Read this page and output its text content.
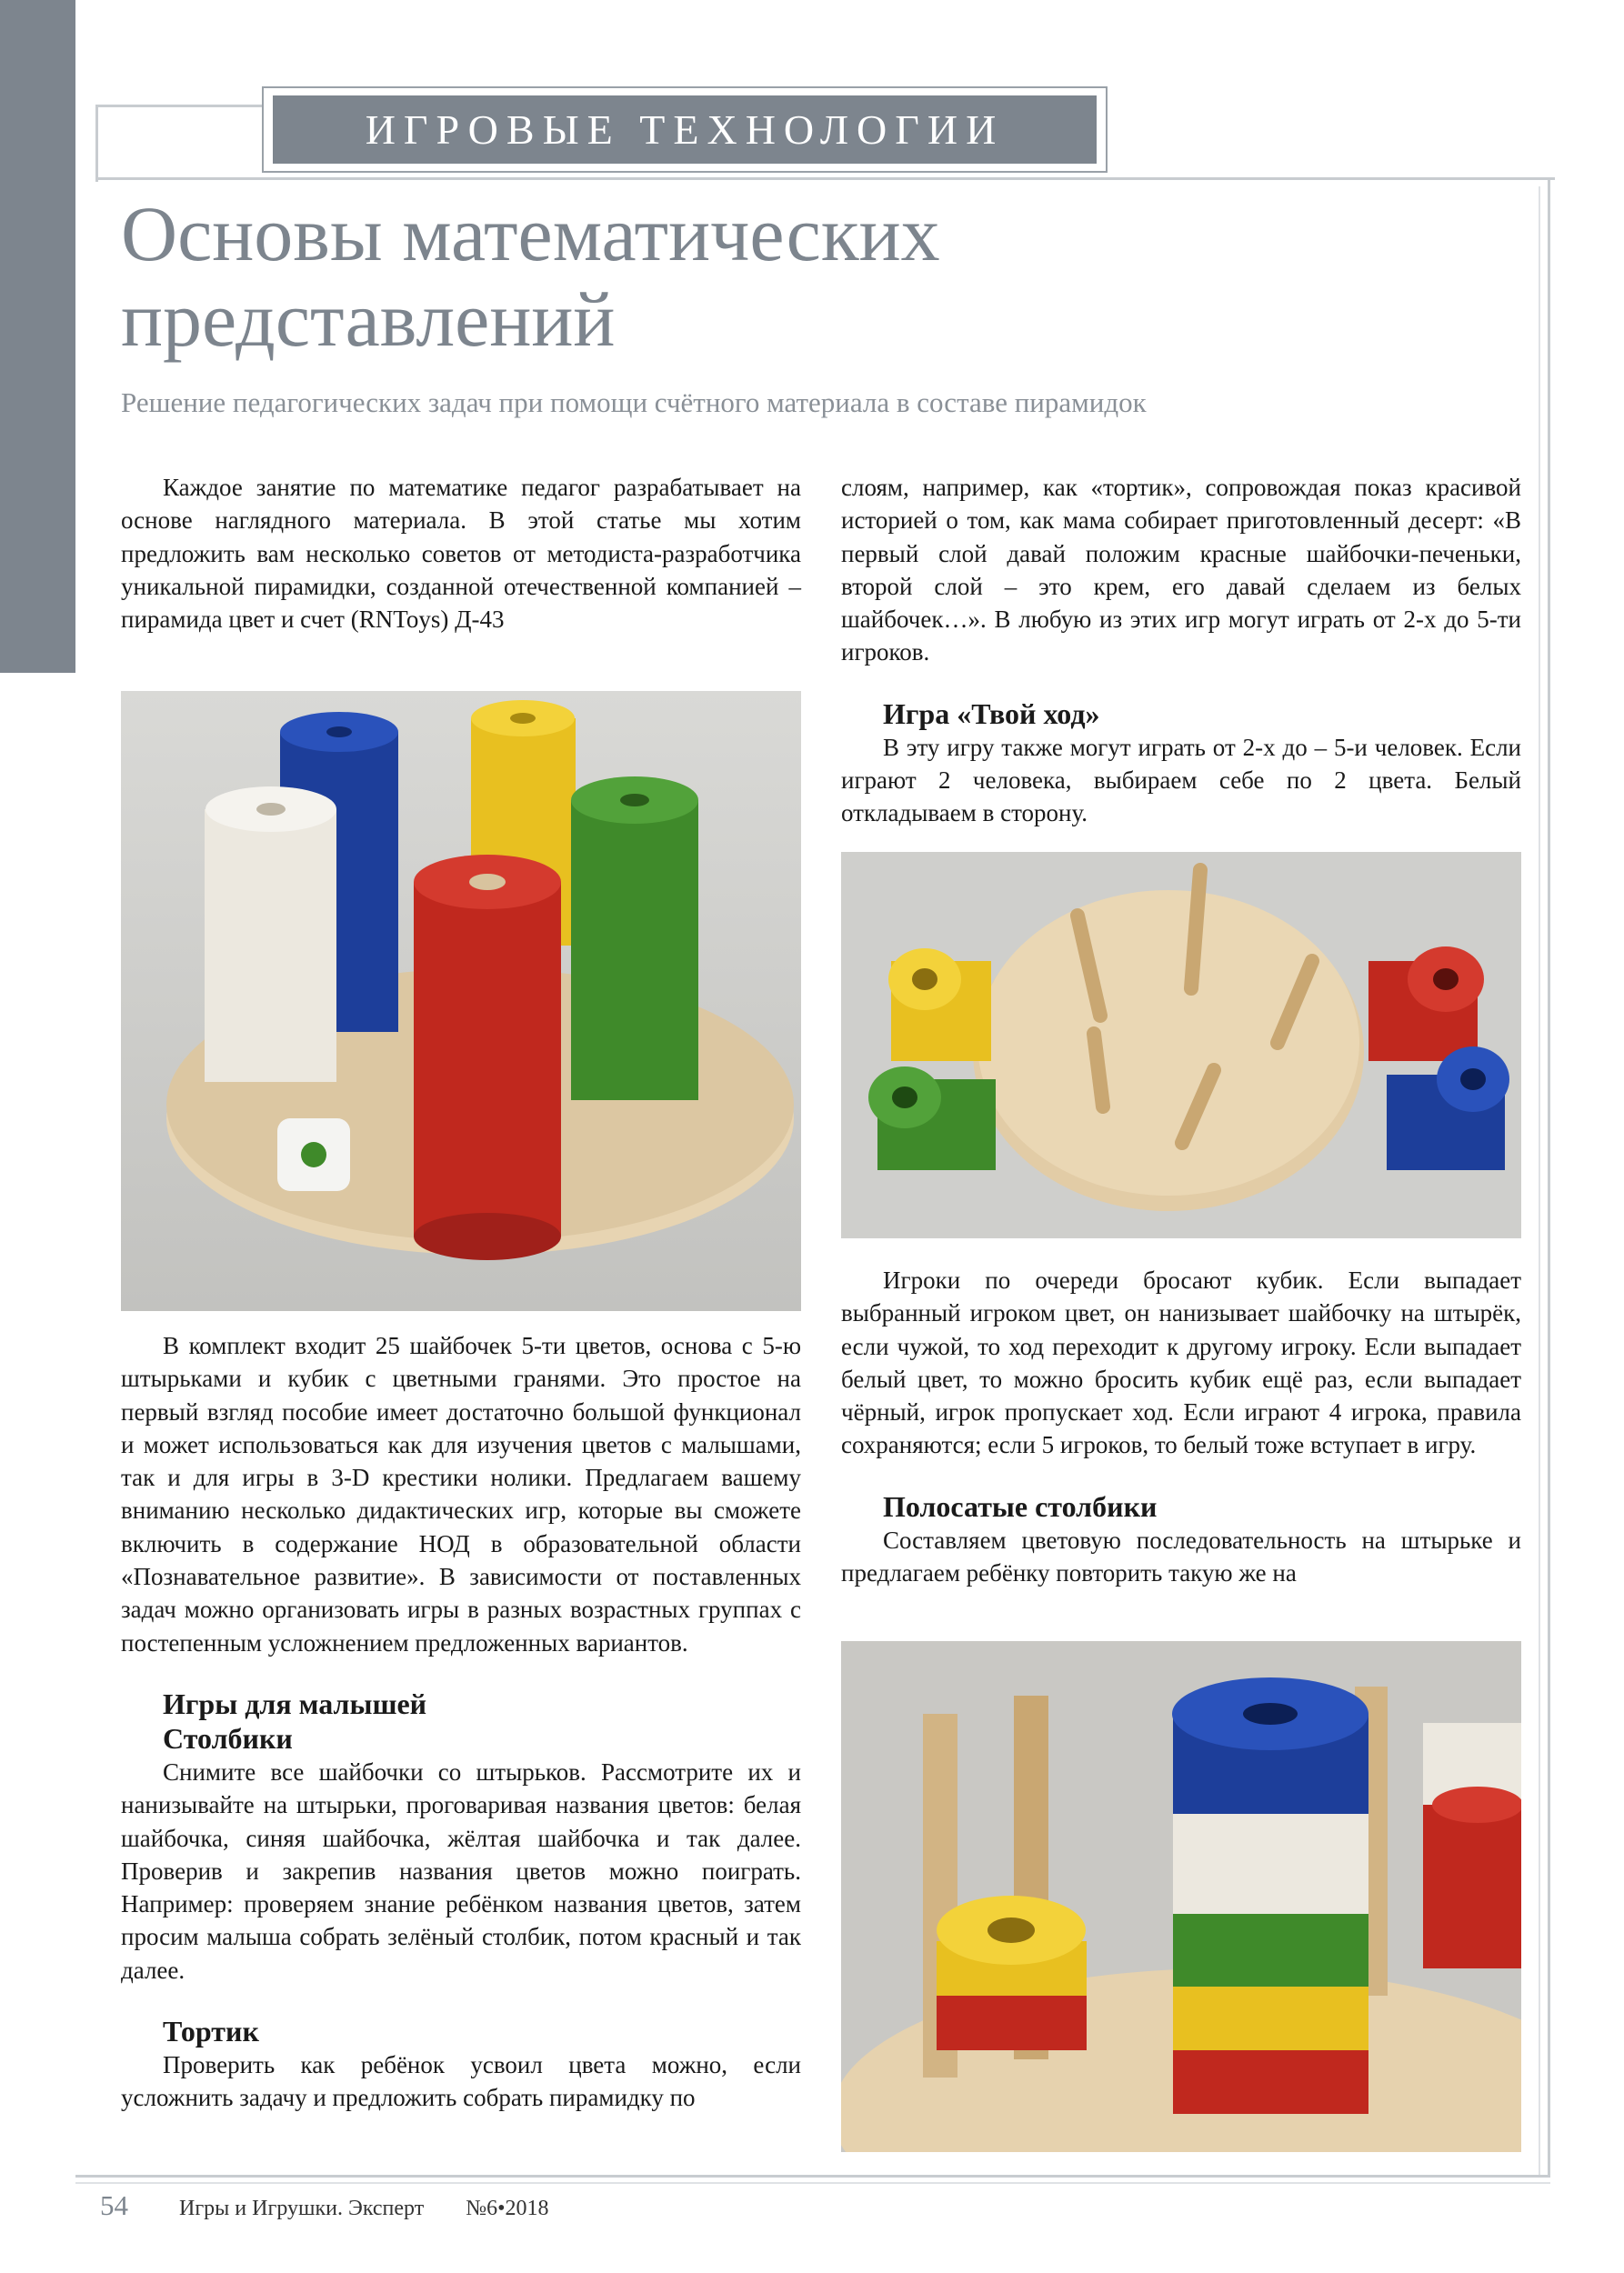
ИГРОВЫЕ ТЕХНОЛОГИИ
Основы математических
представлений

Решение педагогических задач при помощи счётного материала в составе пирамидок

Каждое занятие по математике педагог разрабатывает на основе наглядного материала. В этой статье мы хотим предложить вам несколько советов от методиста-разработчика уникальной пирамидки, созданной отечественной компанией – пирамида цвет и счет (RNToys) Д-43

В комплект входит 25 шайбочек 5-ти цветов, основа с 5-ю штырьками и кубик с цветными гранями. Это простое на первый взгляд пособие имеет достаточно большой функционал и может использоваться как для изучения цветов с малышами, так и для игры в 3-D крестики нолики. Предлагаем вашему вниманию несколько дидактических игр, которые вы сможете включить в содержание НОД в образовательной области «Познавательное развитие». В зависимости от поставленных задач можно организовать игры в разных возрастных группах с постепенным усложнением предложенных вариантов.

Игры для малышей
Столбики

Снимите все шайбочки со штырьков. Рассмотрите их и нанизывайте на штырьки, проговаривая названия цветов: белая шайбочка, синяя шайбочка, жёлтая шайбочка и так далее. Проверив и закрепив названия цветов можно поиграть. Например: проверяем знание ребёнком названия цветов, затем просим малыша собрать зелёный столбик, потом красный и так далее.

Тортик

Проверить как ребёнок усвоил цвета можно, если усложнить задачу и предложить собрать пирамидку по

слоям, например, как «тортик», сопровождая показ красивой историей о том, как мама собирает приготовленный десерт: «В первый слой давай положим красные шайбочки-печеньки, второй слой – это крем, его давай сделаем из белых шайбочек…». В любую из этих игр могут играть от 2-х до 5-ти игроков.

Игра «Твой ход»

В эту игру также могут играть от 2-х до – 5-и человек. Если играют 2 человека, выбираем себе по 2 цвета. Белый откладываем в сторону.

Игроки по очереди бросают кубик. Если выпадает выбранный игроком цвет, он нанизывает шайбочку на штырёк, если чужой, то ход переходит к другому игроку. Если выпадает белый цвет, то можно бросить кубик ещё раз, если выпадает чёрный, игрок пропускает ход. Если играют 4 игрока, правила сохраняются; если 5 игроков, то белый тоже вступает в игру.

Полосатые столбики

Составляем цветовую последовательность на штырьке и предлагаем ребёнку повторить такую же на

54 Игры и Игрушки. Эксперт №6•2018
